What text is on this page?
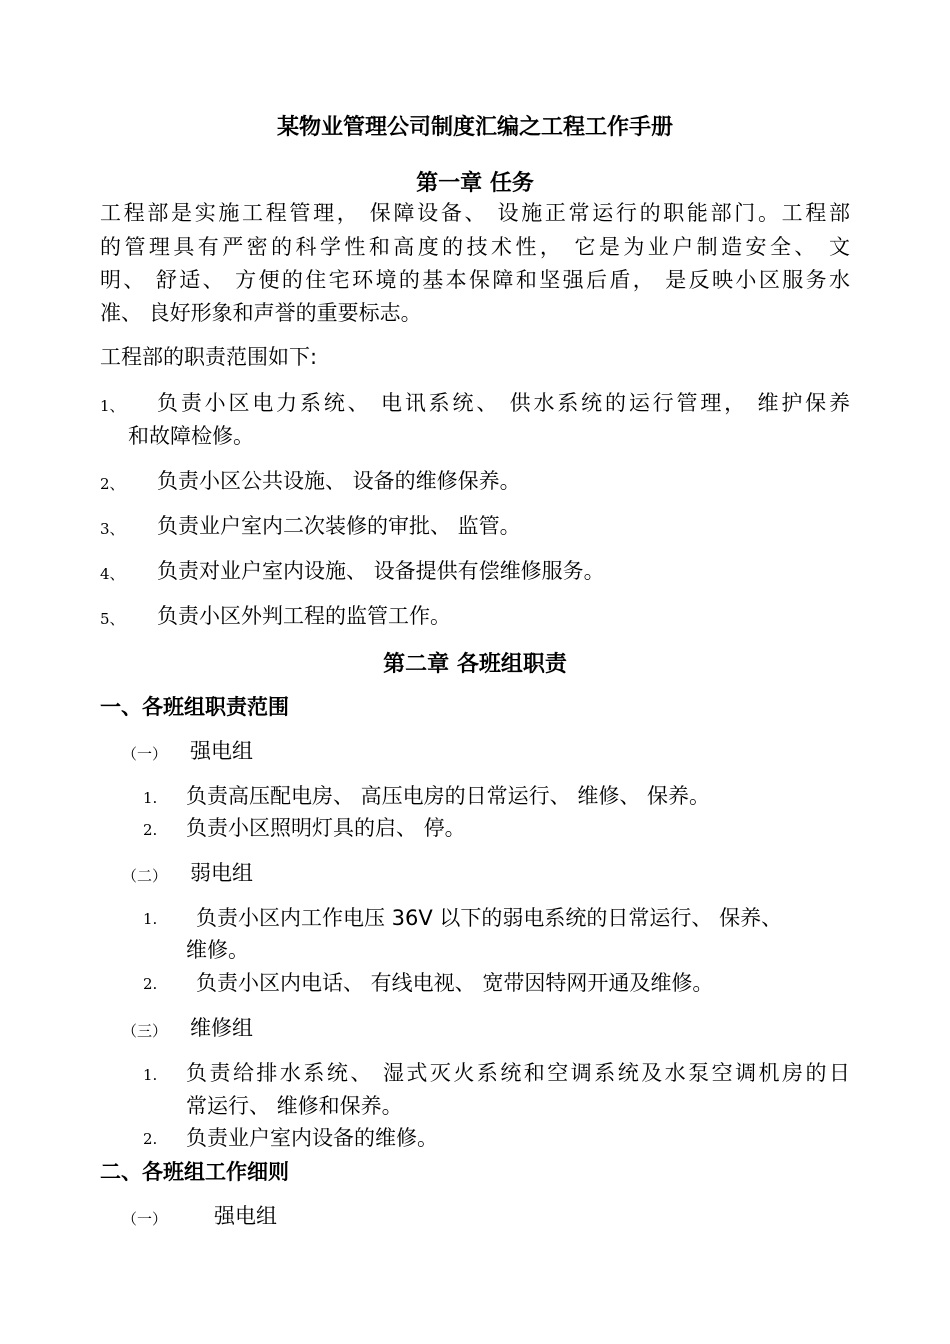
某物业管理公司制度汇编之工程工作手册
第一章 任务
工程部是实施工程管理， 保障设备、 设施正常运行的职能部门。工程部
的管理具有严密的科学性和高度的技术性， 它是为业户制造安全、 文
明、 舒适、 方便的住宅环境的基本保障和坚强后盾， 是反映小区服务水
准、 良好形象和声誉的重要标志。
工程部的职责范围如下:
1、 负责小区电力系统、 电讯系统、 供水系统的运行管理， 维护保养
和故障检修。
2、 负责小区公共设施、 设备的维修保养。
3、 负责业户室内二次装修的审批、 监管。
4、 负责对业户室内设施、 设备提供有偿维修服务。
5、 负责小区外判工程的监管工作。
第二章 各班组职责
一、各班组职责范围
（一） 强电组
1. 负责高压配电房、 高压电房的日常运行、 维修、 保养。
2. 负责小区照明灯具的启、 停。
（二） 弱电组
1. 负责小区内工作电压 36V 以下的弱电系统的日常运行、 保养、
维修。
2. 负责小区内电话、 有线电视、 宽带因特网开通及维修。
（三） 维修组
1. 负责给排水系统、 湿式灭火系统和空调系统及水泵空调机房的日
常运行、 维修和保养。
2. 负责业户室内设备的维修。
二、各班组工作细则
（一） 强电组
